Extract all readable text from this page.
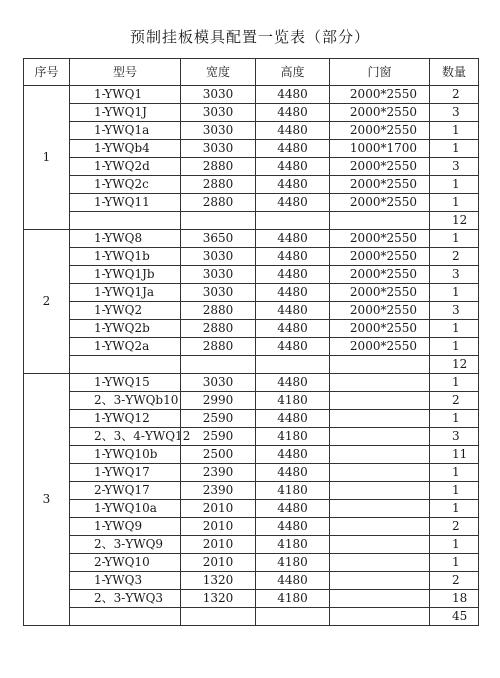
预制挂板模具配置一览表（部分）
序号	型号	宽度	高度	门窗	数量
1	1-YWQ1	3030	4480	2000*2550	2
	1-YWQ1J	3030	4480	2000*2550	3
	1-YWQ1a	3030	4480	2000*2550	1
	1-YWQb4	3030	4480	1000*1700	1
	1-YWQ2d	2880	4480	2000*2550	3
	1-YWQ2c	2880	4480	2000*2550	1
	1-YWQ11	2880	4480	2000*2550	1
					12
2	1-YWQ8	3650	4480	2000*2550	1
	1-YWQ1b	3030	4480	2000*2550	2
	1-YWQ1Jb	3030	4480	2000*2550	3
	1-YWQ1Ja	3030	4480	2000*2550	1
	1-YWQ2	2880	4480	2000*2550	3
	1-YWQ2b	2880	4480	2000*2550	1
	1-YWQ2a	2880	4480	2000*2550	1
					12
3	1-YWQ15	3030	4480		1
	2、3-YWQb10	2990	4180		2
	1-YWQ12	2590	4480		1
	2、3、4-YWQ12	2590	4180		3
	1-YWQ10b	2500	4480		11
	1-YWQ17	2390	4480		1
	2-YWQ17	2390	4180		1
	1-YWQ10a	2010	4480		1
	1-YWQ9	2010	4480		2
	2、3-YWQ9	2010	4180		1
	2-YWQ10	2010	4180		1
	1-YWQ3	1320	4480		2
	2、3-YWQ3	1320	4180		18
					45
